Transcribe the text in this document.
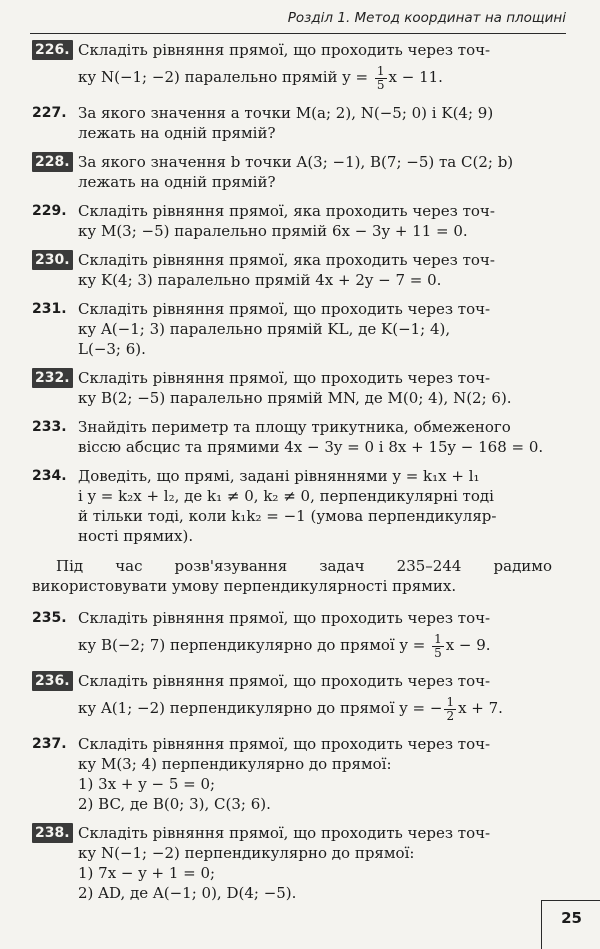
Розділ 1. Метод координат на площині
226. Складіть рівняння прямої, що проходить через точ-
ку N(−1; −2) паралельно прямій $y = \frac{1}{5}$ x − 11.
227. За якого значення a точки M(a; 2), N(−5; 0) і K(4; 9)
лежать на одній прямій?
228. За якого значення b точки A(3; −1), B(7; −5) та C(2; b)
лежать на одній прямій?
229. Складіть рівняння прямої, яка проходить через точ-
ку M(3; −5) паралельно прямій 6x − 3y + 11 = 0.
230. Складіть рівняння прямої, яка проходить через точ-
ку K(4; 3) паралельно прямій 4x + 2y − 7 = 0.
231. Складіть рівняння прямої, що проходить через точ-
ку A(−1; 3) паралельно прямій KL, де K(−1; 4),
L(−3; 6).
232. Складіть рівняння прямої, що проходить через точ-
ку B(2; −5) паралельно прямій MN, де M(0; 4), N(2; 6).
233. Знайдіть периметр та площу трикутника, обмеженого
віссю абсцис та прямими 4x − 3y = 0 і 8x + 15y − 168 = 0.
234. Доведіть, що прямі, задані рівняннями y = k₁x + l₁
і y = k₂x + l₂, де k₁ ≠ 0, k₂ ≠ 0, перпендикулярні тоді
й тільки тоді, коли k₁k₂ = −1 (умова перпендикуляр-
ності прямих).
Під час розв'язування задач 235–244 радимо використовувати умову перпендикулярності прямих.
235. Складіть рівняння прямої, що проходить через точ-
ку B(−2; 7) перпендикулярно до прямої $y = \frac{1}{5}$ x − 9.
236. Складіть рівняння прямої, що проходить через точ-
ку A(1; −2) перпендикулярно до прямої y = − $\frac{1}{2}$ x + 7.
237. Складіть рівняння прямої, що проходить через точ-
ку M(3; 4) перпендикулярно до прямої:
1) 3x + y − 5 = 0;
2) BC, де B(0; 3), C(3; 6).
238. Складіть рівняння прямої, що проходить через точ-
ку N(−1; −2) перпендикулярно до прямої:
1) 7x − y + 1 = 0;
2) AD, де A(−1; 0), D(4; −5).
25
